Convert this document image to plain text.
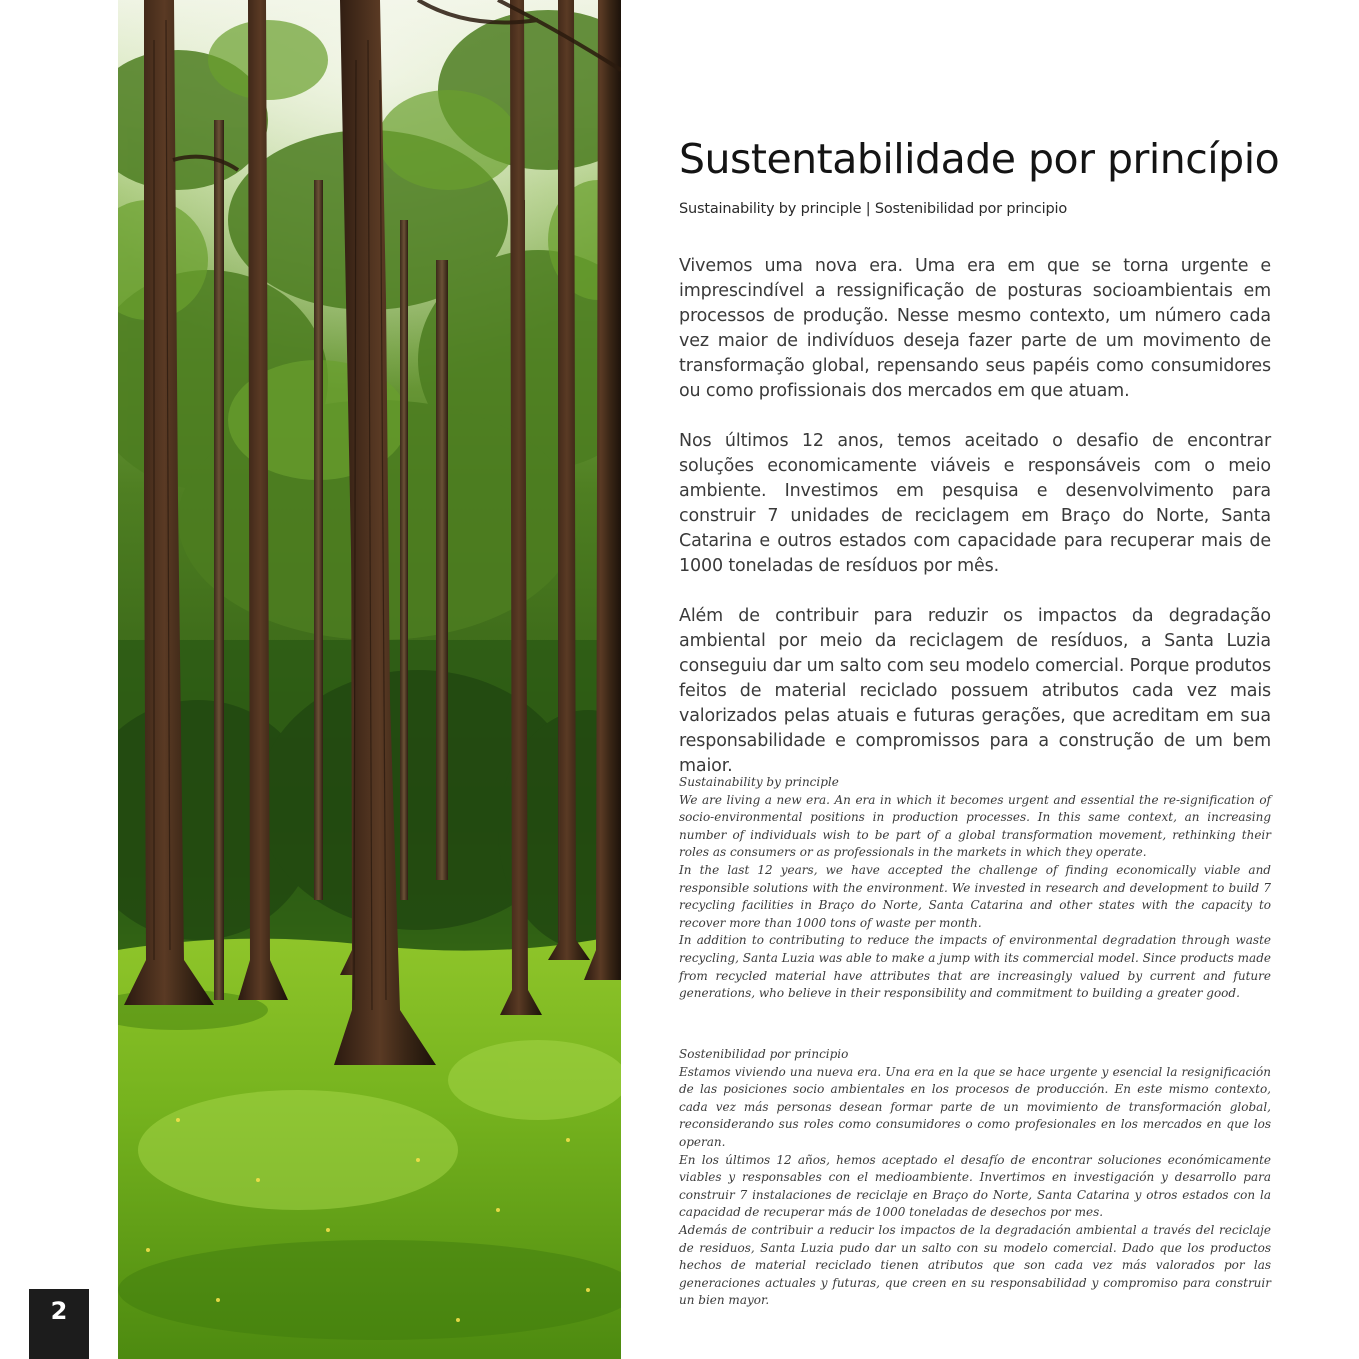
2
Sustentabilidade por princípio
Sustainability by principle | Sostenibilidad por principio

Vivemos uma nova era. Uma era em que se torna urgente e imprescindível a ressignificação de posturas socioambientais em processos de produção. Nesse mesmo contexto, um número cada vez maior de indivíduos deseja fazer parte de um movimento de transformação global, repensando seus papéis como consumidores ou como profissionais dos mercados em que atuam.

Nos últimos 12 anos, temos aceitado o desafio de encontrar soluções economicamente viáveis e responsáveis com o meio ambiente. Investimos em pesquisa e desenvolvimento para construir 7 unidades de reciclagem em Braço do Norte, Santa Catarina e outros estados com capacidade para recuperar mais de 1000 toneladas de resíduos por mês.

Além de contribuir para reduzir os impactos da degradação ambiental por meio da reciclagem de resíduos, a Santa Luzia conseguiu dar um salto com seu modelo comercial. Porque produtos feitos de material reciclado possuem atributos cada vez mais valorizados pelas atuais e futuras gerações, que acreditam em sua responsabilidade e compromissos para a construção de um bem maior.

Sustainability by principle

We are living a new era. An era in which it becomes urgent and essential the re-signification of socio-environmental positions in production processes. In this same context, an increasing number of individuals wish to be part of a global transformation movement, rethinking their roles as consumers or as professionals in the markets in which they operate.

In the last 12 years, we have accepted the challenge of finding economically viable and responsible solutions with the environment. We invested in research and development to build 7 recycling facilities in Braço do Norte, Santa Catarina and other states with the capacity to recover more than 1000 tons of waste per month.

In addition to contributing to reduce the impacts of environmental degradation through waste recycling, Santa Luzia was able to make a jump with its commercial model. Since products made from recycled material have attributes that are increasingly valued by current and future generations, who believe in their responsibility and commitment to building a greater good.

Sostenibilidad por principio

Estamos viviendo una nueva era. Una era en la que se hace urgente y esencial la resignificación de las posiciones socio ambientales en los procesos de producción. En este mismo contexto, cada vez más personas desean formar parte de un movimiento de transformación global, reconsiderando sus roles como consumidores o como profesionales en los mercados en que los operan.

En los últimos 12 años, hemos aceptado el desafío de encontrar soluciones económicamente viables y responsables con el medioambiente. Invertimos en investigación y desarrollo para construir 7 instalaciones de reciclaje en Braço do Norte, Santa Catarina y otros estados con la capacidad de recuperar más de 1000 toneladas de desechos por mes.

Además de contribuir a reducir los impactos de la degradación ambiental a través del reciclaje de residuos, Santa Luzia pudo dar un salto con su modelo comercial. Dado que los productos hechos de material reciclado tienen atributos que son cada vez más valorados por las generaciones actuales y futuras, que creen en su responsabilidad y compromiso para construir un bien mayor.
